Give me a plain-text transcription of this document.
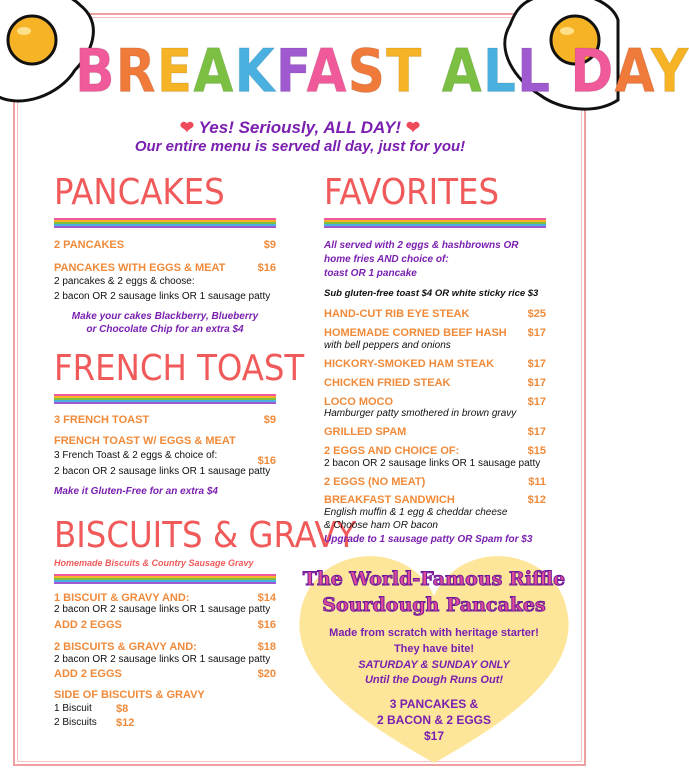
BREAKFAST ALL DAY
❤ Yes! Seriously, ALL DAY! ❤
Our entire menu is served all day, just for you!
PANCAKES
2 PANCAKES	$9
PANCAKES WITH EGGS & MEAT	$16
2 pancakes & 2 eggs & choose:
2 bacon OR 2 sausage links OR 1 sausage patty
Make your cakes Blackberry, Blueberry
or Chocolate Chip for an extra $4
FRENCH TOAST
3 FRENCH TOAST	$9
FRENCH TOAST W/ EGGS & MEAT
3 French Toast & 2 eggs & choice of:	$16
2 bacon OR 2 sausage links OR 1 sausage patty
Make it Gluten-Free for an extra $4
BISCUITS & GRAVY
Homemade Biscuits & Country Sausage Gravy
1 BISCUIT & GRAVY AND:	$14
2 bacon OR 2 sausage links OR 1 sausage patty
ADD 2 EGGS	$16
2 BISCUITS & GRAVY AND:	$18
2 bacon OR 2 sausage links OR 1 sausage patty
ADD 2 EGGS	$20
SIDE OF BISCUITS & GRAVY
1 Biscuit $8
2 Biscuits $12
FAVORITES
All served with 2 eggs & hashbrowns OR
home fries AND choice of:
toast OR 1 pancake
Sub gluten-free toast $4 OR white sticky rice $3
HAND-CUT RIB EYE STEAK	$25
HOMEMADE CORNED BEEF HASH	$17
with bell peppers and onions
HICKORY-SMOKED HAM STEAK	$17
CHICKEN FRIED STEAK	$17
LOCO MOCO	$17
Hamburger patty smothered in brown gravy
GRILLED SPAM	$17
2 EGGS AND CHOICE OF:	$15
2 bacon OR 2 sausage links OR 1 sausage patty
2 EGGS (NO MEAT)	$11
BREAKFAST SANDWICH	$12
English muffin & 1 egg & cheddar cheese
& Choose ham OR bacon
Upgrade to 1 sausage patty OR Spam for $3
The World-Famous Riffle
Sourdough Pancakes
Made from scratch with heritage starter!
They have bite!
SATURDAY & SUNDAY ONLY
Until the Dough Runs Out!
3 PANCAKES &
2 BACON & 2 EGGS
$17
